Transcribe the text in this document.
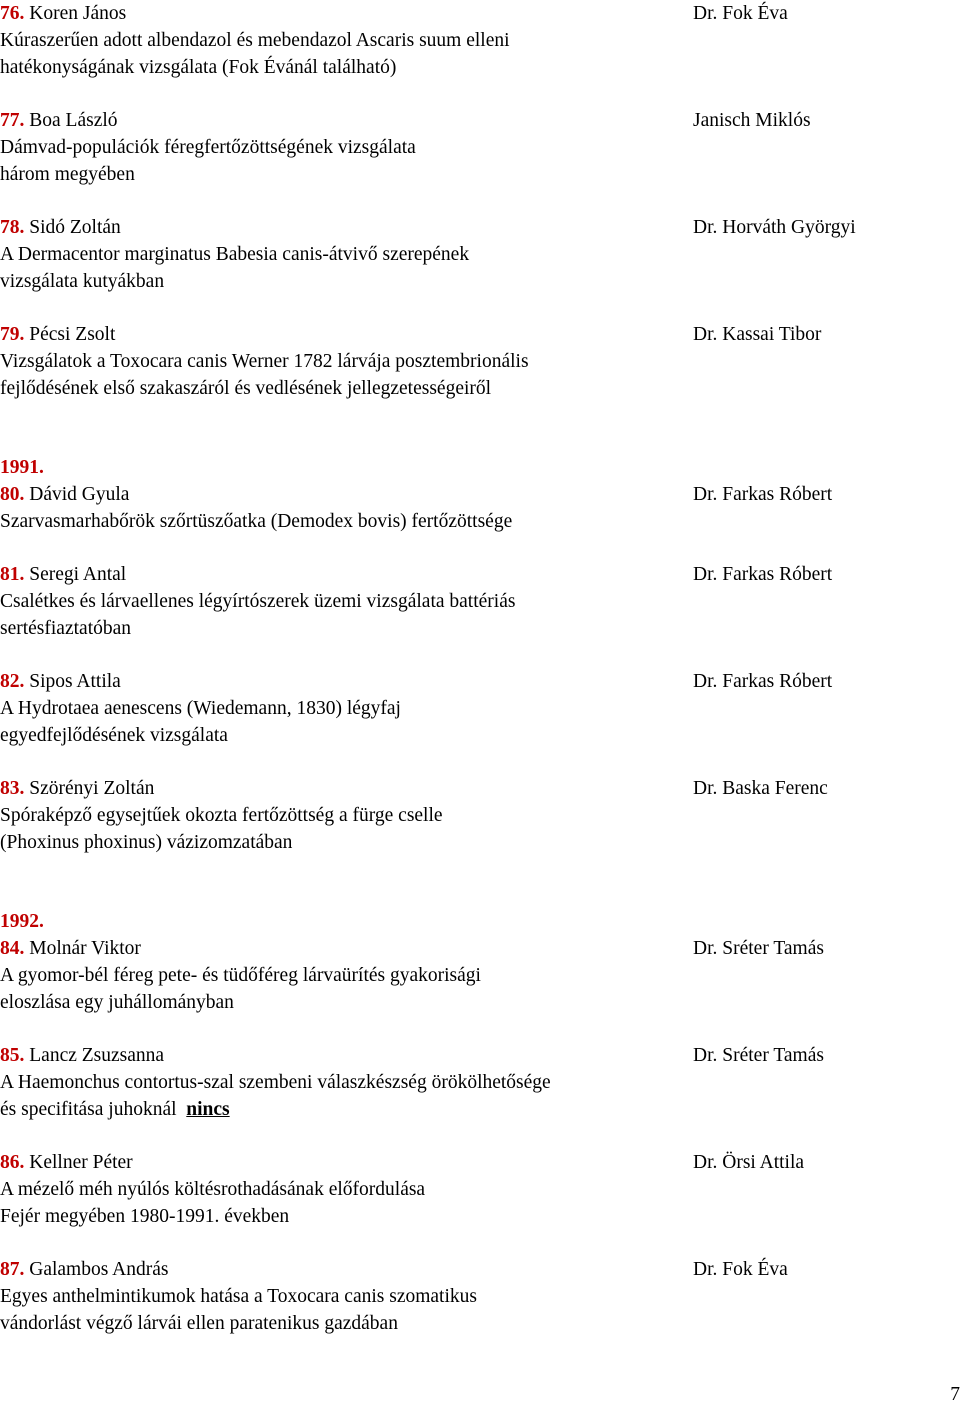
76. Koren János	Dr. Fok Éva
Kúraszerűen adott albendazol és mebendazol Ascaris suum elleni
hatékonyságának vizsgálata (Fok Évánál található)
77. Boa László	Janisch Miklós
Dámvad-populációk féregfertőzöttségének vizsgálata
három megyében
78. Sidó Zoltán	Dr. Horváth Györgyi
A Dermacentor marginatus Babesia canis-átvivő szerepének
vizsgálata kutyákban
79. Pécsi Zsolt	Dr. Kassai Tibor
Vizsgálatok a Toxocara canis Werner 1782 lárvája posztembrionális
fejlődésének első szakaszáról és vedlésének jellegzetességeiről
1991.
80. Dávid Gyula	Dr. Farkas Róbert
Szarvasmarhabőrök szőrtüszőatka (Demodex bovis) fertőzöttsége
81. Seregi Antal	Dr. Farkas Róbert
Csalétkes és lárvaellenes légyírtószerek üzemi vizsgálata battériás
sertésfiaztatóban
82. Sipos Attila	Dr. Farkas Róbert
A Hydrotaea aenescens (Wiedemann, 1830) légyfaj
egyedfejlődésének vizsgálata
83. Szörényi Zoltán	Dr. Baska Ferenc
Spóraképző egysejtűek okozta fertőzöttség a fürge cselle
(Phoxinus phoxinus) vázizomzatában
1992.
84. Molnár Viktor	Dr. Sréter Tamás
A gyomor-bél féreg pete- és tüdőféreg lárvaürítés gyakorisági
eloszlása egy juhállományban
85. Lancz Zsuzsanna	Dr. Sréter Tamás
A Haemonchus contortus-szal szembeni válaszkészség örökölhetősége
és specifitása juhoknál nincs
86. Kellner Péter	Dr. Örsi Attila
A mézelő méh nyúlós költésrothadásának előfordulása
Fejér megyében 1980-1991. években
87. Galambos András	Dr. Fok Éva
Egyes anthelmintikumok hatása a Toxocara canis szomatikus
vándorlást végző lárvái ellen paratenikus gazdában
7
